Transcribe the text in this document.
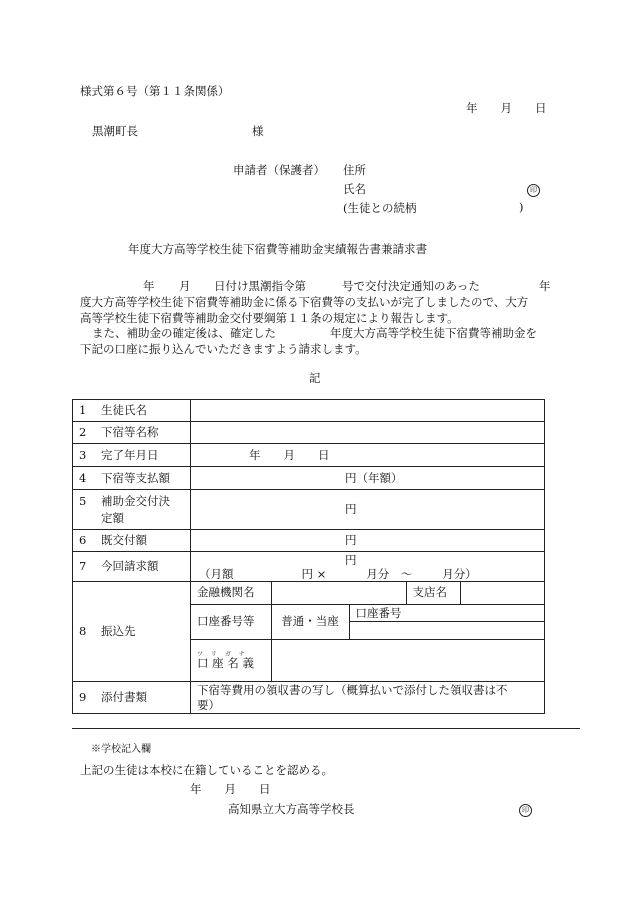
様式第６号（第１１条関係）
年　　月　　日
黒潮町長	様
申請者（保護者） 住所
氏名	印
(生徒との続柄	)
年度大方高等学校生徒下宿費等補助金実績報告書兼請求書
年 月 日付け黒潮指令第	号で交付決定通知のあった	年
度大方高等学校生徒下宿費等補助金に係る下宿費等の支払いが完了しましたので、大方
高等学校生徒下宿費等補助金交付要綱第１１条の規定により報告します。
また、補助金の確定後は、確定した	年度大方高等学校生徒下宿費等補助金を
下記の口座に振り込んでいただきますよう請求します。
記
1 生徒氏名	
2 下宿等名称	
3 完了年月日	年　　月　　日
4 下宿等支払額	円（年額）

5 補助金交付決
定額
	円
6 既交付額	円
7 今回請求額	円
（月額	円 ×	月分　～	月分）

8 振込先	
金融機関名		支店名	
口座番号等	普通・当座	
口座番号

ツ リ ガ ナ
口 座 名 義	

9 添付書類	
下宿等費用の領収書の写し（概算払いで添付した領収書は不
要）
※学校記入欄
上記の生徒は本校に在籍していることを認める。
年　　月　　日
高知県立大方高等学校長	印
